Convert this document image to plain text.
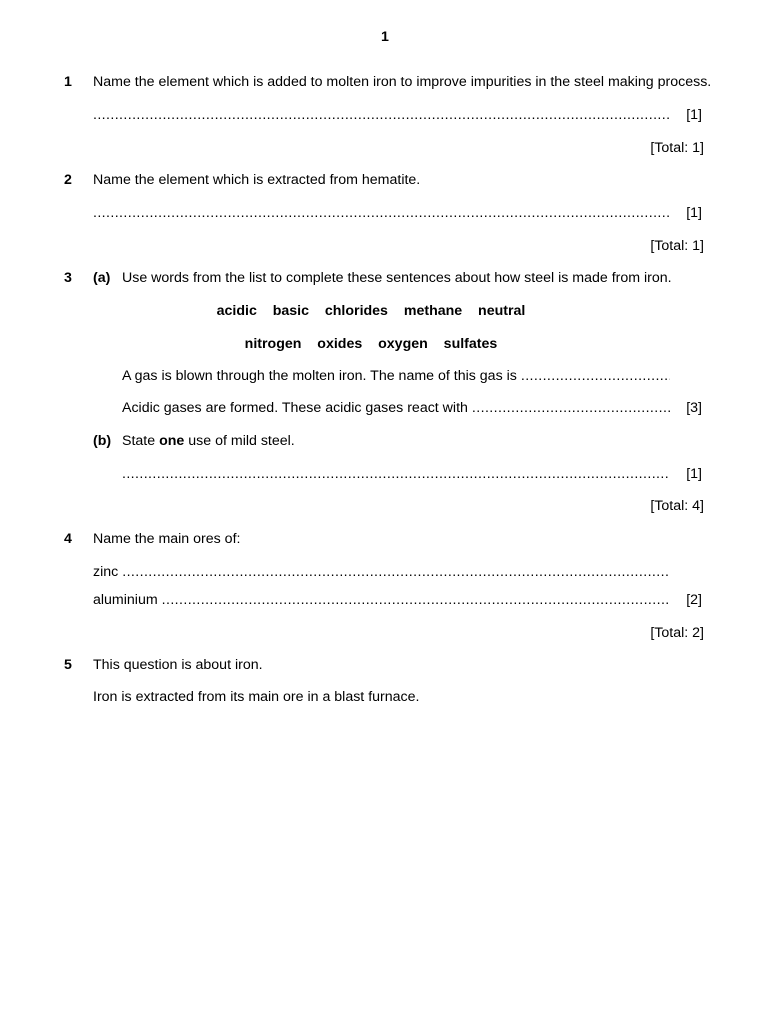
1
1 Name the element which is added to molten iron to improve impurities in the steel making process.
.....
[1]
[Total: 1]
2 Name the element which is extracted from hematite.
.....
[1]
[Total: 1]
3 (a) Use words from the list to complete these sentences about how steel is made from iron.
acidic  basic  chlorides  methane  neutral
nitrogen  oxides  oxygen  sulfates
A gas is blown through the molten iron. The name of this gas is
.....
Acidic gases are formed. These acidic gases react with .....	[3]
(b) State one use of mild steel.
.....
[1]
[Total: 4]
4 Name the main ores of:
zinc
.....
aluminium .....	[2]
[Total: 2]
5 This question is about iron.
Iron is extracted from its main ore in a blast furnace.
